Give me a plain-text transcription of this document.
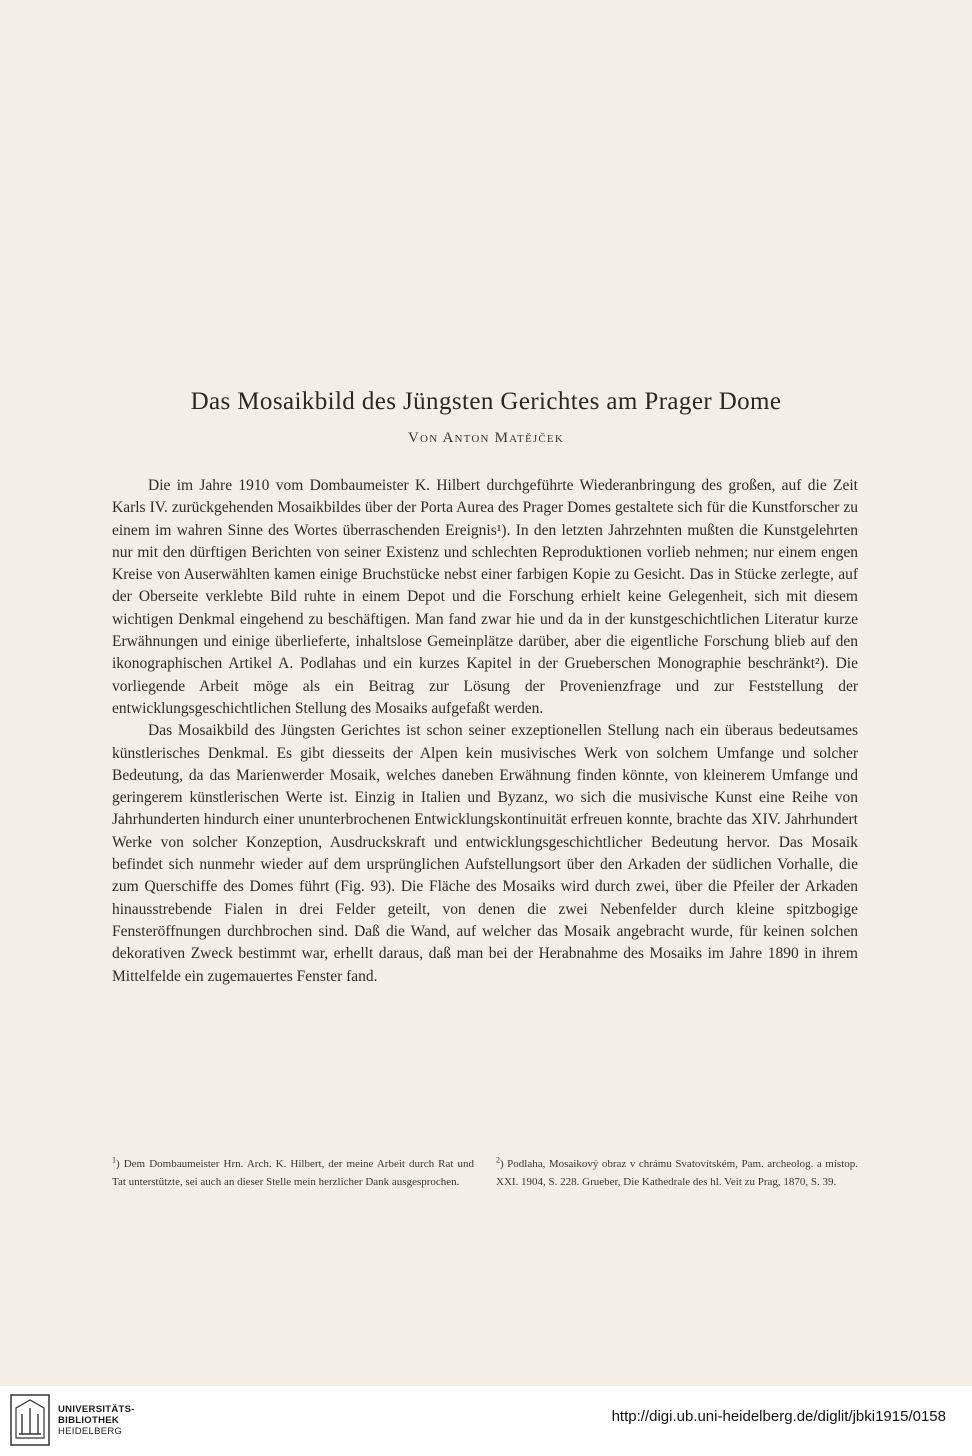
Das Mosaikbild des Jüngsten Gerichtes am Prager Dome
Von Anton Matějček

Die im Jahre 1910 vom Dombaumeister K. Hilbert durchgeführte Wiederanbringung des großen, auf die Zeit Karls IV. zurückgehenden Mosaikbildes über der Porta Aurea des Prager Domes gestaltete sich für die Kunstforscher zu einem im wahren Sinne des Wortes überraschenden Ereignis¹). In den letzten Jahrzehnten mußten die Kunstgelehrten nur mit den dürftigen Berichten von seiner Existenz und schlechten Reproduktionen vorlieb nehmen; nur einem engen Kreise von Auserwählten kamen einige Bruchstücke nebst einer farbigen Kopie zu Gesicht. Das in Stücke zerlegte, auf der Oberseite verklebte Bild ruhte in einem Depot und die Forschung erhielt keine Gelegenheit, sich mit diesem wichtigen Denkmal eingehend zu beschäftigen. Man fand zwar hie und da in der kunstgeschichtlichen Literatur kurze Erwähnungen und einige überlieferte, inhaltslose Gemeinplätze darüber, aber die eigentliche Forschung blieb auf den ikonographischen Artikel A. Podlahas und ein kurzes Kapitel in der Grueberschen Monographie beschränkt²). Die vorliegende Arbeit möge als ein Beitrag zur Lösung der Provenienzfrage und zur Feststellung der entwicklungsgeschichtlichen Stellung des Mosaiks aufgefaßt werden.

Das Mosaikbild des Jüngsten Gerichtes ist schon seiner exzeptionellen Stellung nach ein überaus bedeutsames künstlerisches Denkmal. Es gibt diesseits der Alpen kein musivisches Werk von solchem Umfange und solcher Bedeutung, da das Marienwerder Mosaik, welches daneben Erwähnung finden könnte, von kleinerem Umfange und geringerem künstlerischen Werte ist. Einzig in Italien und Byzanz, wo sich die musivische Kunst eine Reihe von Jahrhunderten hindurch einer ununterbrochenen Entwicklungskontinuität erfreuen konnte, brachte das XIV. Jahrhundert Werke von solcher Konzeption, Ausdruckskraft und entwicklungsgeschichtlicher Bedeutung hervor. Das Mosaik befindet sich nunmehr wieder auf dem ursprünglichen Aufstellungsort über den Arkaden der südlichen Vorhalle, die zum Querschiffe des Domes führt (Fig. 93). Die Fläche des Mosaiks wird durch zwei, über die Pfeiler der Arkaden hinausstrebende Fialen in drei Felder geteilt, von denen die zwei Nebenfelder durch kleine spitzbogige Fensteröffnungen durchbrochen sind. Daß die Wand, auf welcher das Mosaik angebracht wurde, für keinen solchen dekorativen Zweck bestimmt war, erhellt daraus, daß man bei der Herabnahme des Mosaiks im Jahre 1890 in ihrem Mittelfelde ein zugemauertes Fenster fand.

$^1$) Dem Dombaumeister Hrn. Arch. K. Hilbert, der meine Arbeit durch Rat und Tat unterstützte, sei auch an dieser Stelle mein herzlicher Dank ausgesprochen.
$^2$) Podlaha, Mosaikový obraz v chrámu Svatovítském, Pam. archeolog. a místop. XXI. 1904, S. 228. Grueber, Die Kathedrale des hl. Veit zu Prag, 1870, S. 39.
UNIVERSITÄTS-
BIBLIOTHEK
HEIDELBERG
http://digi.ub.uni-heidelberg.de/diglit/jbki1915/0158
